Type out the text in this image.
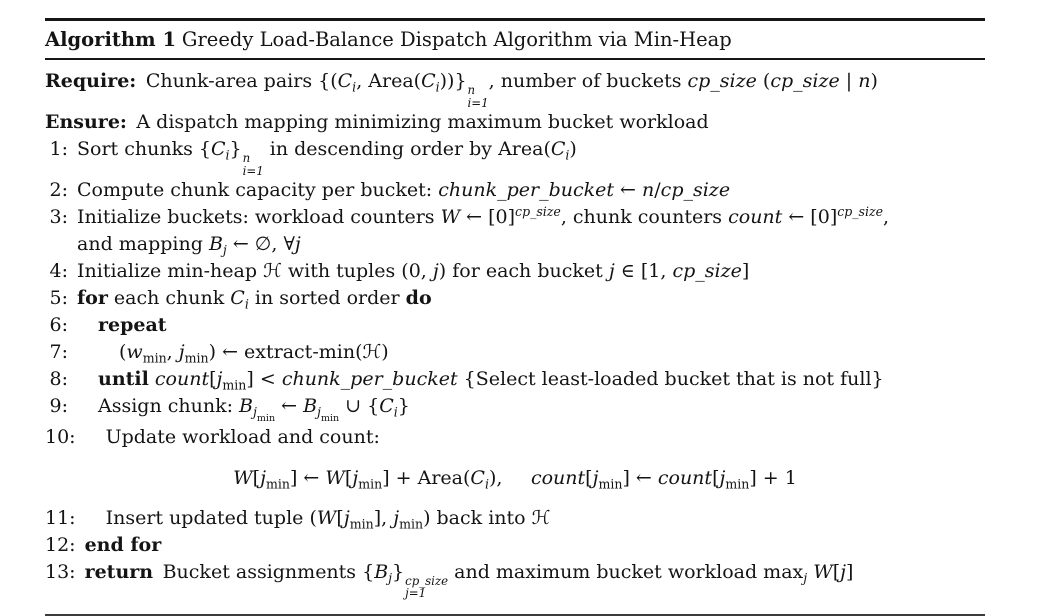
Algorithm 1 Greedy Load-Balance Dispatch Algorithm via Min-Heap
Require: Chunk-area pairs {($C_i$, $Area(C_i)$)} n
i=1
, number of buckets cp_size (cp_size | n)
Ensure: A dispatch mapping minimizing maximum bucket workload
1: Sort chunks $\{C_i\}$ n
i=1
in descending order by $Area(C_i)$
2: Compute chunk capacity per bucket: chunk_per_bucket ← n/cp_size
3: Initialize buckets: workload counters W ← $[0]^{cp\_size}$, chunk counters count ← $[0]^{cp\_size}$,
and mapping $B_j$ ← ∅, ∀j
4: Initialize min-heap ℋ with tuples (0, j) for each bucket j ∈ [1, cp_size]
5: for each chunk $C_i$ in sorted order do
6:	repeat
7:	($w_{min}$, $j_{min}$) ← extract-min(ℋ)
8:	until $count[j_{min}]$ < chunk_per_bucket {Select least-loaded bucket that is not full}
9:	Assign chunk: $B_{jmin}$ ← $B_{jmin}$ ∪ $\{C_i\}$
10:	Update workload and count:
$W[j_{min}]$ ← $W[j_{min}]$ + $Area(C_i)$,  $count[j_{min}]$ ← $count[j_{min}] + 1$
11:	Insert updated tuple ($W[j_{min}]$, $j_{min}$) back into ℋ
12: end for
13: return Bucket assignments $\{B_j\}$ cp_size
j=1
and maximum bucket workload $\max_j W[j]$
